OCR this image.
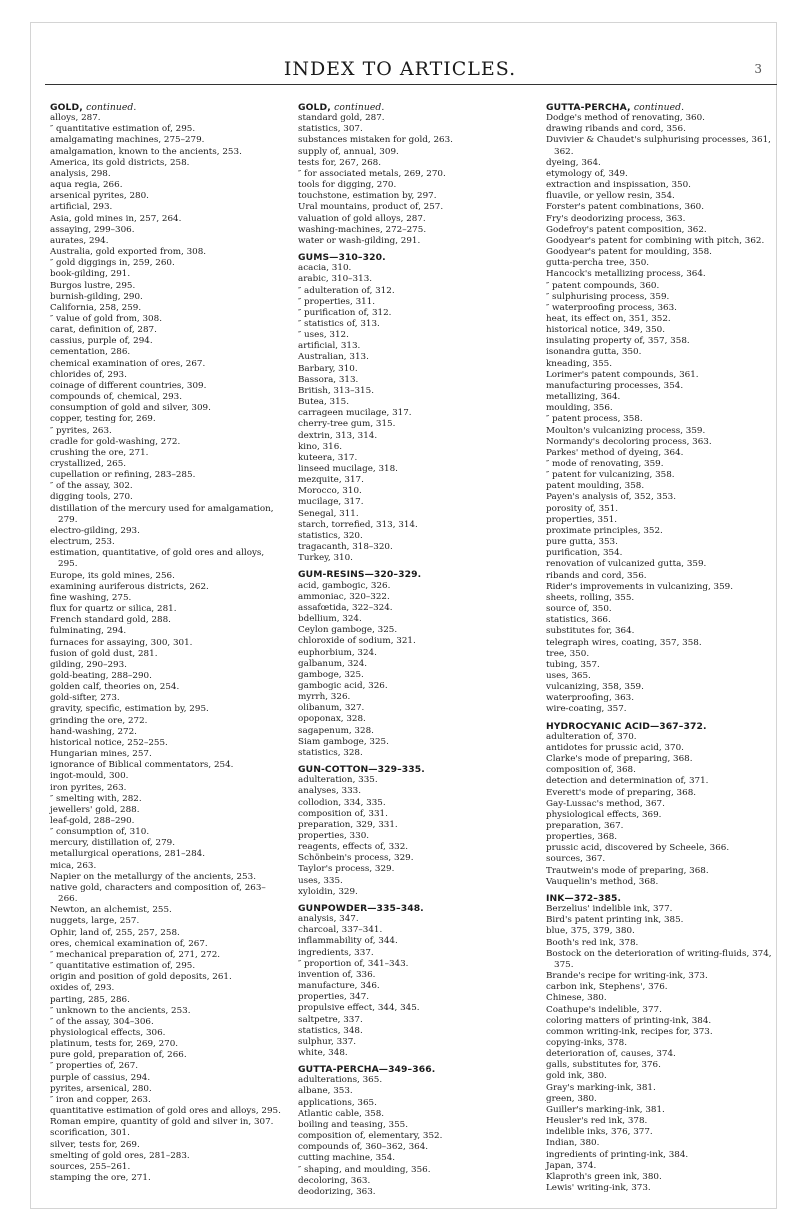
INDEX TO ARTICLES.	3
GOLD, continued.
alloys, 287.
″ quantitative estimation of, 295.
amalgamating machines, 275–279.
amalgamation, known to the ancients, 253.
America, its gold districts, 258.
analysis, 298.
aqua regia, 266.
arsenical pyrites, 280.
artificial, 293.
Asia, gold mines in, 257, 264.
assaying, 299–306.
aurates, 294.
Australia, gold exported from, 308.
″ gold diggings in, 259, 260.
book-gilding, 291.
Burgos lustre, 295.
burnish-gilding, 290.
California, 258, 259.
″ value of gold from, 308.
carat, definition of, 287.
cassius, purple of, 294.
cementation, 286.
chemical examination of ores, 267.
chlorides of, 293.
coinage of different countries, 309.
compounds of, chemical, 293.
consumption of gold and silver, 309.
copper, testing for, 269.
″ pyrites, 263.
cradle for gold-washing, 272.
crushing the ore, 271.
crystallized, 265.
cupellation or refining, 283–285.
″ of the assay, 302.
digging tools, 270.
distillation of the mercury used for amalgamation, 279.
electro-gilding, 293.
electrum, 253.
estimation, quantitative, of gold ores and alloys, 295.
Europe, its gold mines, 256.
examining auriferous districts, 262.
fine washing, 275.
flux for quartz or silica, 281.
French standard gold, 288.
fulminating, 294.
furnaces for assaying, 300, 301.
fusion of gold dust, 281.
gilding, 290–293.
gold-beating, 288–290.
golden calf, theories on, 254.
gold-sifter, 273.
gravity, specific, estimation by, 295.
grinding the ore, 272.
hand-washing, 272.
historical notice, 252–255.
Hungarian mines, 257.
ignorance of Biblical commentators, 254.
ingot-mould, 300.
iron pyrites, 263.
″ smelting with, 282.
jewellers' gold, 288.
leaf-gold, 288–290.
″ consumption of, 310.
mercury, distillation of, 279.
metallurgical operations, 281–284.
mica, 263.
Napier on the metallurgy of the ancients, 253.
native gold, characters and composition of, 263–266.
Newton, an alchemist, 255.
nuggets, large, 257.
Ophir, land of, 255, 257, 258.
ores, chemical examination of, 267.
″ mechanical preparation of, 271, 272.
″ quantitative estimation of, 295.
origin and position of gold deposits, 261.
oxides of, 293.
parting, 285, 286.
″ unknown to the ancients, 253.
″ of the assay, 304–306.
physiological effects, 306.
platinum, tests for, 269, 270.
pure gold, preparation of, 266.
″ properties of, 267.
purple of cassius, 294.
pyrites, arsenical, 280.
″ iron and copper, 263.
quantitative estimation of gold ores and alloys, 295.
Roman empire, quantity of gold and silver in, 307.
scorification, 301.
silver, tests for, 269.
smelting of gold ores, 281–283.
sources, 255–261.
stamping the ore, 271.
GOLD, continued.
standard gold, 287.
statistics, 307.
substances mistaken for gold, 263.
supply of, annual, 309.
tests for, 267, 268.
″ for associated metals, 269, 270.
tools for digging, 270.
touchstone, estimation by, 297.
Ural mountains, product of, 257.
valuation of gold alloys, 287.
washing-machines, 272–275.
water or wash-gilding, 291.
GUMS—310–320.
acacia, 310.
arabic, 310–313.
″ adulteration of, 312.
″ properties, 311.
″ purification of, 312.
″ statistics of, 313.
″ uses, 312.
artificial, 313.
Australian, 313.
Barbary, 310.
Bassora, 313.
British, 313–315.
Butea, 315.
carrageen mucilage, 317.
cherry-tree gum, 315.
dextrin, 313, 314.
kino, 316.
kuteera, 317.
linseed mucilage, 318.
mezquite, 317.
Morocco, 310.
mucilage, 317.
Senegal, 311.
starch, torrefied, 313, 314.
statistics, 320.
tragacanth, 318–320.
Turkey, 310.
GUM-RESINS—320–329.
acid, gambogic, 326.
ammoniac, 320–322.
assafœtida, 322–324.
bdellium, 324.
Ceylon gamboge, 325.
chloroxide of sodium, 321.
euphorbium, 324.
galbanum, 324.
gamboge, 325.
gambogic acid, 326.
myrrh, 326.
olibanum, 327.
opoponax, 328.
sagapenum, 328.
Siam gamboge, 325.
statistics, 328.
GUN-COTTON—329–335.
adulteration, 335.
analyses, 333.
collodion, 334, 335.
composition of, 331.
preparation, 329, 331.
properties, 330.
reagents, effects of, 332.
Schönbein's process, 329.
Taylor's process, 329.
uses, 335.
xyloidin, 329.
GUNPOWDER—335–348.
analysis, 347.
charcoal, 337–341.
inflammability of, 344.
ingredients, 337.
″ proportion of, 341–343.
invention of, 336.
manufacture, 346.
properties, 347.
propulsive effect, 344, 345.
saltpetre, 337.
statistics, 348.
sulphur, 337.
white, 348.
GUTTA-PERCHA—349–366.
adulterations, 365.
albane, 353.
applications, 365.
Atlantic cable, 358.
boiling and teasing, 355.
composition of, elementary, 352.
compounds of, 360–362, 364.
cutting machine, 354.
″ shaping, and moulding, 356.
decoloring, 363.
deodorizing, 363.
GUTTA-PERCHA, continued.
Dodge's method of renovating, 360.
drawing ribands and cord, 356.
Duvivier & Chaudet's sulphurising processes, 361, 362.
dyeing, 364.
etymology of, 349.
extraction and inspissation, 350.
fluavile, or yellow resin, 354.
Forster's patent combinations, 360.
Fry's deodorizing process, 363.
Godefroy's patent composition, 362.
Goodyear's patent for combining with pitch, 362.
Goodyear's patent for moulding, 358.
gutta-percha tree, 350.
Hancock's metallizing process, 364.
″ patent compounds, 360.
″ sulphurising process, 359.
″ waterproofing process, 363.
heat, its effect on, 351, 352.
historical notice, 349, 350.
insulating property of, 357, 358.
isonandra gutta, 350.
kneading, 355.
Lorimer's patent compounds, 361.
manufacturing processes, 354.
metallizing, 364.
moulding, 356.
″ patent process, 358.
Moulton's vulcanizing process, 359.
Normandy's decoloring process, 363.
Parkes' method of dyeing, 364.
″ mode of renovating, 359.
″ patent for vulcanizing, 358.
patent moulding, 358.
Payen's analysis of, 352, 353.
porosity of, 351.
properties, 351.
proximate principles, 352.
pure gutta, 353.
purification, 354.
renovation of vulcanized gutta, 359.
ribands and cord, 356.
Rider's improvements in vulcanizing, 359.
sheets, rolling, 355.
source of, 350.
statistics, 366.
substitutes for, 364.
telegraph wires, coating, 357, 358.
tree, 350.
tubing, 357.
uses, 365.
vulcanizing, 358, 359.
waterproofing, 363.
wire-coating, 357.
HYDROCYANIC ACID—367–372.
adulteration of, 370.
antidotes for prussic acid, 370.
Clarke's mode of preparing, 368.
composition of, 368.
detection and determination of, 371.
Everett's mode of preparing, 368.
Gay-Lussac's method, 367.
physiological effects, 369.
preparation, 367.
properties, 368.
prussic acid, discovered by Scheele, 366.
sources, 367.
Trautwein's mode of preparing, 368.
Vauquelin's method, 368.
INK—372–385.
Berzelius' indelible ink, 377.
Bird's patent printing ink, 385.
blue, 375, 379, 380.
Booth's red ink, 378.
Bostock on the deterioration of writing-fluids, 374, 375.
Brande's recipe for writing-ink, 373.
carbon ink, Stephens', 376.
Chinese, 380.
Coathupe's indelible, 377.
coloring matters of printing-ink, 384.
common writing-ink, recipes for, 373.
copying-inks, 378.
deterioration of, causes, 374.
galls, substitutes for, 376.
gold ink, 380.
Gray's marking-ink, 381.
green, 380.
Guiller's marking-ink, 381.
Heusler's red ink, 378.
indelible inks, 376, 377.
Indian, 380.
ingredients of printing-ink, 384.
Japan, 374.
Klaproth's green ink, 380.
Lewis' writing-ink, 373.
